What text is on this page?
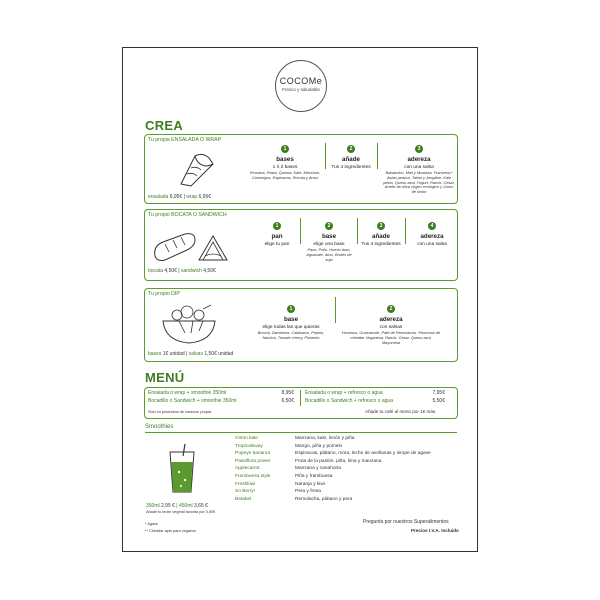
COCOMe
Fresco y saludable
CREA
Tu propia ENSALADA O WRAP
ensalada 6,95€ | wrap 6,95€
1
bases
1 ó 2 bases
Romana, Pasta, Quinoa, Kale, Mezclum, Canónigos, Espinacas, Rúcula y Arroz
2
añade
Tus 4 ingredientes
3
adereza
con una salsa
Balsámico, Miel y Mostaza, Francesa,* Asian peanut, Tahini y Jengibre, Kale pesto, Queso azul, Yogurt, Ranch, César, Aceite de oliva virgen ecológico y Zumo de limón
Tu propio BOCATA O SANDWICH
bocata 4,50€ | sandwich 4,50€
1
pan
elige tu pan
2
base
elige una base
Pavo, Pollo, Huevo duro, Aguacate, Atún, Brotes de soja
3
añade
Tus 4 ingredientes
4
adereza
con una salsa
Tu propio DIP
bases 1€ unidad | salsas 1,50€ unidad
1
base
elige todas las que quieras
Brócoli, Zanahoria, Calabacín, Pepino, Nachos, Tomate cherry, Pimiento
2
adereza
con salsas
Hummus, Guacamole, Paté de Remolacha, *Hummus de cheddar Veganesa, Ranch, César, Queso azul, Mayonesa
MENÚ
Ensalada o wrap + smoothie 350ml	8,95€
Bocadillo o Sandwich + smoothie 350ml	6,50€
Ensalada o wrap + refresco o agua	7,95€
Bocadillo o Sandwich + refresco o agua	5,50€
Sólo en productos de creación propia.	Añade tu café al menú por 1€ más.
Smoothies
350ml 2,95 € | 450ml 3,65 €
Añade tu leche vegetal favorita por 0,50€
Citron kale	Manzana, kale, limón y piña
Tropicalsway	Mango, piña y pomelo
Popeye bananut	Espinacas, plátano, mora, leche de avellanas y sirope de agave
Passiflora power	Fruta de la pasión, piña, lima y manzana
Applecarrot	Manzana y zanahoria
Frambuesa style	Piña y frambuesa
Freshkiwi	Naranja y kiwi
So Berry!	Pera y fresa
Betabel	Remolacha, plátano y pera
* Agave
** Cheddar apto para veganos
Pregunta por nuestros Superalimentos
Precios I.V.A. Incluido
